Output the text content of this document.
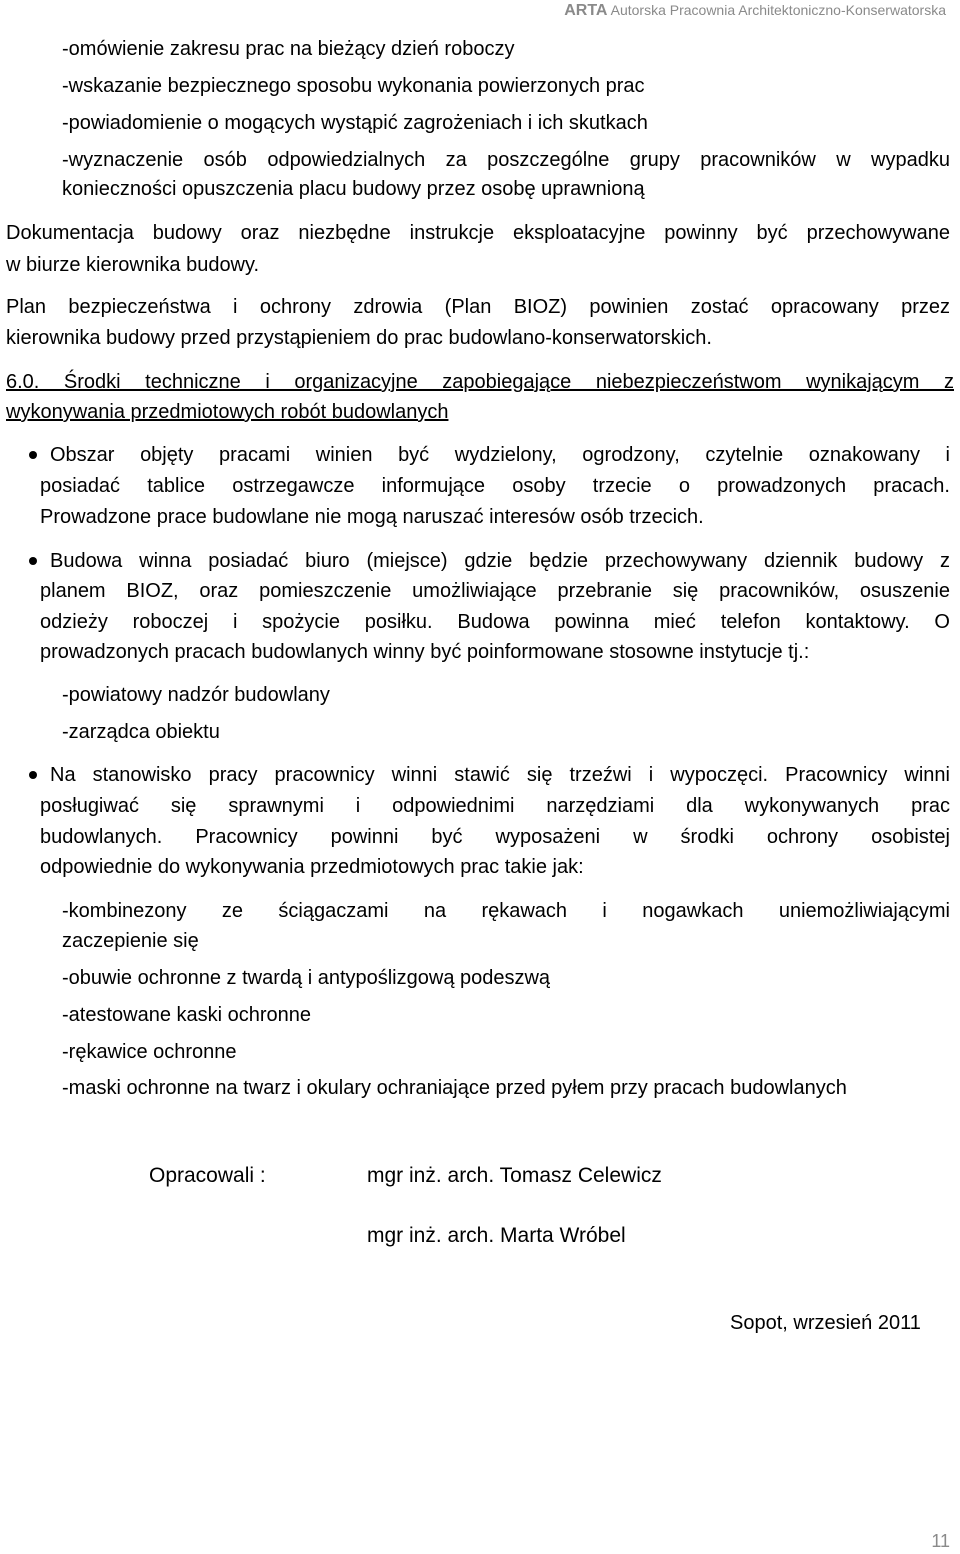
ARTA Autorska Pracownia Architektoniczno-Konserwatorska
-omówienie zakresu prac na bieżący dzień roboczy
-wskazanie bezpiecznego sposobu wykonania powierzonych prac
-powiadomienie o mogących wystąpić zagrożeniach i ich skutkach
-wyznaczenie osób odpowiedzialnych za poszczególne grupy pracowników w wypadku
konieczności opuszczenia placu budowy przez osobę uprawnioną
Dokumentacja budowy oraz niezbędne instrukcje eksploatacyjne powinny być przechowywane
w biurze kierownika budowy.
Plan bezpieczeństwa i ochrony zdrowia (Plan BIOZ) powinien zostać opracowany przez
kierownika budowy przed przystąpieniem do prac budowlano-konserwatorskich.
6.0. Środki techniczne i organizacyjne zapobiegające niebezpieczeństwom wynikającym z
wykonywania przedmiotowych robót budowlanych
Obszar objęty pracami winien być wydzielony, ogrodzony, czytelnie oznakowany i
posiadać tablice ostrzegawcze informujące osoby trzecie o prowadzonych pracach.
Prowadzone prace budowlane nie mogą naruszać interesów osób trzecich.
Budowa winna posiadać biuro (miejsce) gdzie będzie przechowywany dziennik budowy z
planem BIOZ, oraz pomieszczenie umożliwiające przebranie się pracowników, osuszenie
odzieży roboczej i spożycie posiłku. Budowa powinna mieć telefon kontaktowy. O
prowadzonych pracach budowlanych winny być poinformowane stosowne instytucje tj.:
-powiatowy nadzór budowlany
-zarządca obiektu
Na stanowisko pracy pracownicy winni stawić się trzeźwi i wypoczęci. Pracownicy winni
posługiwać się sprawnymi i odpowiednimi narzędziami dla wykonywanych prac
budowlanych. Pracownicy powinni być wyposażeni w środki ochrony osobistej
odpowiednie do wykonywania przedmiotowych prac takie jak:
-kombinezony ze ściągaczami na rękawach i nogawkach uniemożliwiającymi
zaczepienie się
-obuwie ochronne z twardą i antypoślizgową podeszwą
-atestowane kaski ochronne
-rękawice ochronne
-maski ochronne na twarz i okulary ochraniające przed pyłem przy pracach budowlanych
Opracowali :	mgr inż. arch. Tomasz Celewicz
mgr inż. arch. Marta Wróbel
Sopot, wrzesień 2011
11
